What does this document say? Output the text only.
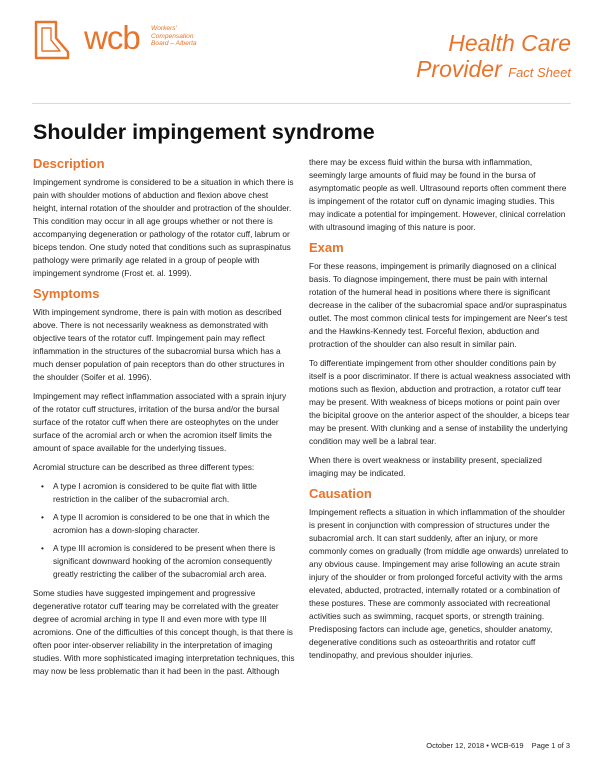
wcb Workers'
Compensation
Board – Alberta	Health Care
Provider Fact Sheet
Shoulder impingement syndrome
Description

Impingement syndrome is considered to be a situation in which there is pain with shoulder motions of abduction and flexion above chest height, internal rotation of the shoulder and protraction of the shoulder. This condition may occur in all age groups whether or not there is accompanying degeneration or pathology of the rotator cuff, labrum or biceps tendon. One study noted that conditions such as supraspinatus pathology were primarily age related in a group of people with impingement syndrome (Frost et. al. 1999).

Symptoms

With impingement syndrome, there is pain with motion as described above. There is not necessarily weakness as demonstrated with objective tears of the rotator cuff. Impingement pain may reflect inflammation in the structures of the subacromial bursa which has a much denser population of pain receptors than do other structures in the shoulder (Soifer et al. 1996).

Impingement may reflect inflammation associated with a sprain injury of the rotator cuff structures, irritation of the bursa and/or the bursal surface of the rotator cuff when there are osteophytes on the under surface of the acromial arch or when the acromion itself limits the amount of space available for the underlying tissues.

Acromial structure can be described as three different types:

• A type I acromion is considered to be quite flat with little restriction in the caliber of the subacromial arch.
• A type II acromion is considered to be one that in which the acromion has a down-sloping character.
• A type III acromion is considered to be present when there is significant downward hooking of the acromion consequently greatly restricting the caliber of the subacromial arch area.

Some studies have suggested impingement and progressive degenerative rotator cuff tearing may be correlated with the greater degree of acromial arching in type II and even more with type III acromions. One of the difficulties of this concept though, is that there is often poor inter-observer reliability in the interpretation of imaging studies. With more sophisticated imaging interpretation techniques, this may now be less problematic than it had been in the past. Although

there may be excess fluid within the bursa with inflammation, seemingly large amounts of fluid may be found in the bursa of asymptomatic people as well. Ultrasound reports often comment there is impingement of the rotator cuff on dynamic imaging studies. This may indicate a potential for impingement. However, clinical correlation with ultrasound imaging of this nature is poor.

Exam

For these reasons, impingement is primarily diagnosed on a clinical basis. To diagnose impingement, there must be pain with internal rotation of the humeral head in positions where there is significant decrease in the caliber of the subacromial space and/or supraspinatus outlet. The most common clinical tests for impingement are Neer's test and the Hawkins-Kennedy test. Forceful flexion, abduction and protraction of the shoulder can also result in similar pain.

To differentiate impingement from other shoulder conditions pain by itself is a poor discriminator. If there is actual weakness associated with motions such as flexion, abduction and protraction, a rotator cuff tear may be present. With weakness of biceps motions or point pain over the bicipital groove on the anterior aspect of the shoulder, a biceps tear may be present. With clunking and a sense of instability the underlying condition may well be a labral tear.

When there is overt weakness or instability present, specialized imaging may be indicated.

Causation

Impingement reflects a situation in which inflammation of the shoulder is present in conjunction with compression of structures under the subacromial arch. It can start suddenly, after an injury, or more commonly comes on gradually (from middle age onwards) unrelated to any obvious cause. Impingement may arise following an acute strain injury of the shoulder or from prolonged forceful activity with the arms elevated, abducted, protracted, internally rotated or a combination of these postures. These are commonly associated with recreational activities such as swimming, racquet sports, or strength training. Predisposing factors can include age, genetics, shoulder anatomy, degenerative conditions such as osteoarthritis and rotator cuff tendinopathy, and previous shoulder injuries.

October 12, 2018 • WCB-619 Page 1 of 3
